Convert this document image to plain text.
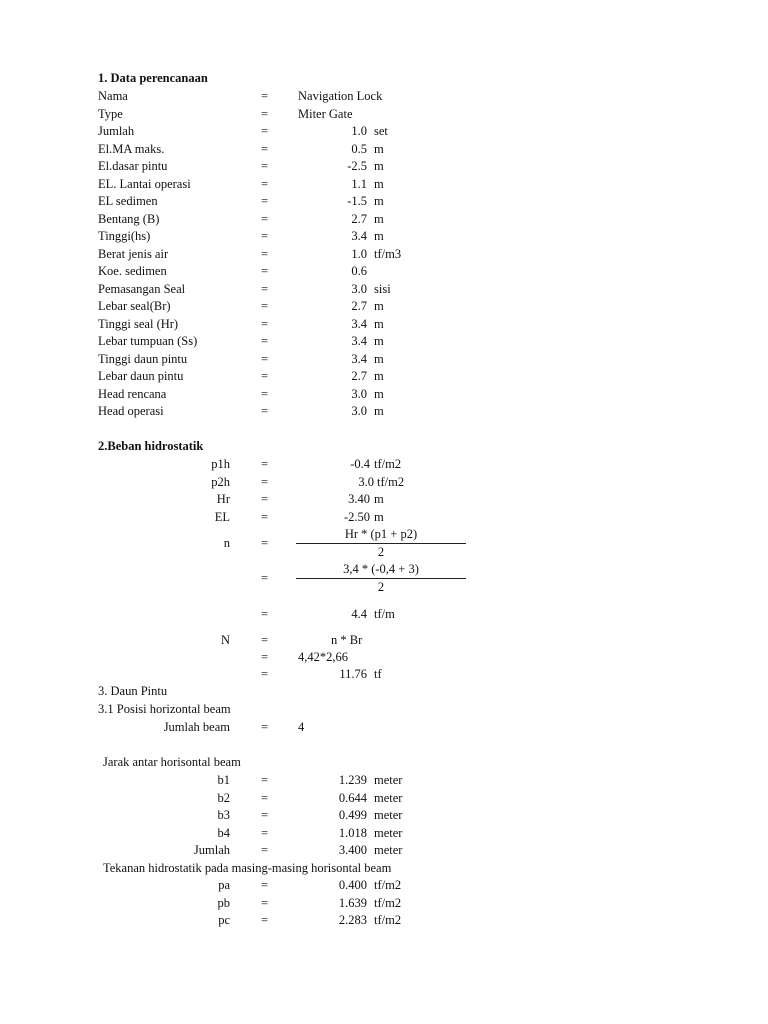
1. Data perencanaan
Nama	= Navigation Lock
Type	= Miter Gate
Jumlah	=	1.0 set
El.MA maks.	=	0.5 m
El.dasar pintu	=	-2.5 m
EL. Lantai operasi	=	1.1 m
EL sedimen	=	-1.5 m
Bentang (B)	=	2.7 m
Tinggi(hs)	=	3.4 m
Berat jenis air	=	1.0 tf/m3
Koe. sedimen	=	0.6
Pemasangan Seal	=	3.0 sisi
Lebar seal(Br)	=	2.7 m
Tinggi seal (Hr)	=	3.4 m
Lebar tumpuan (Ss)	=	3.4 m
Tinggi daun pintu	=	3.4 m
Lebar daun pintu	=	2.7 m
Head rencana	=	3.0 m
Head operasi	=	3.0 m
2.Beban hidrostatik
p1h =	-0.4 tf/m2
p2h =	3.0 tf/m2
Hr =	3.40 m
EL =	-2.50 m
Hr * (p1 + p2)
n =
2
3,4 * (-0,4 + 3)
=
2
=	4.4 tf/m
N =	n * Br
= 4,42*2,66
=	11.76 tf
3. Daun Pintu
3.1 Posisi horizontal beam
Jumlah beam = 4
Jarak antar horisontal beam
b1 =	1.239 meter
b2 =	0.644 meter
b3 =	0.499 meter
b4 =	1.018 meter
Jumlah =	3.400 meter
Tekanan hidrostatik pada masing-masing horisontal beam
pa =	0.400 tf/m2
pb =	1.639 tf/m2
pc =	2.283 tf/m2
